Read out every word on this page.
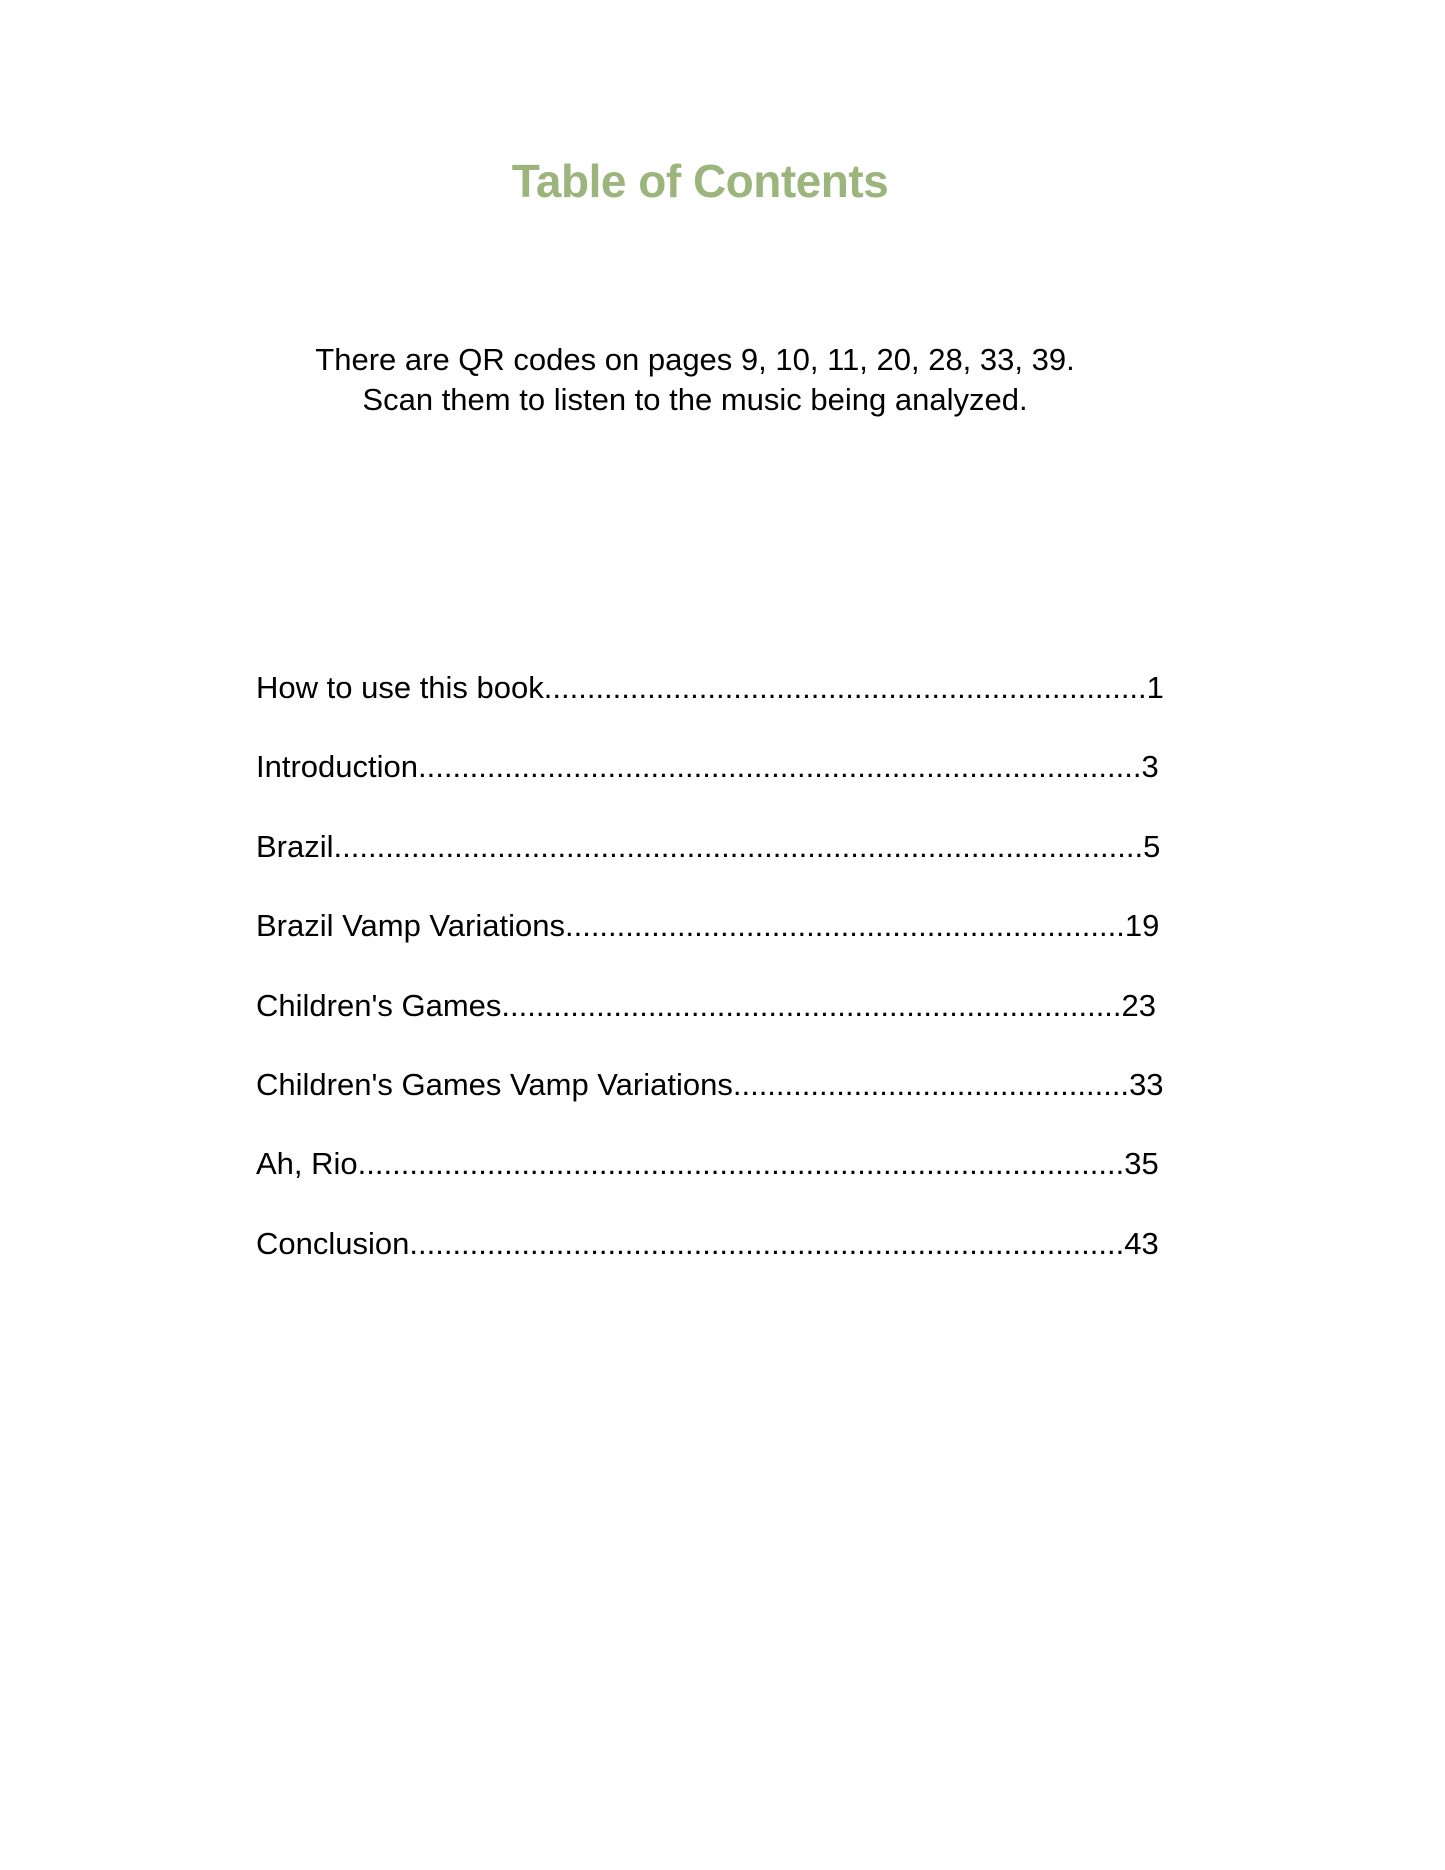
Table of Contents
There are QR codes on pages 9, 10, 11, 20, 28, 33, 39.
Scan them to listen to the music being analyzed.
How to use this book......................................................................1
Introduction....................................................................................3
Brazil..............................................................................................5
Brazil Vamp Variations.................................................................19
Children's Games........................................................................23
Children's Games Vamp Variations..............................................33
Ah, Rio.........................................................................................35
Conclusion...................................................................................43
